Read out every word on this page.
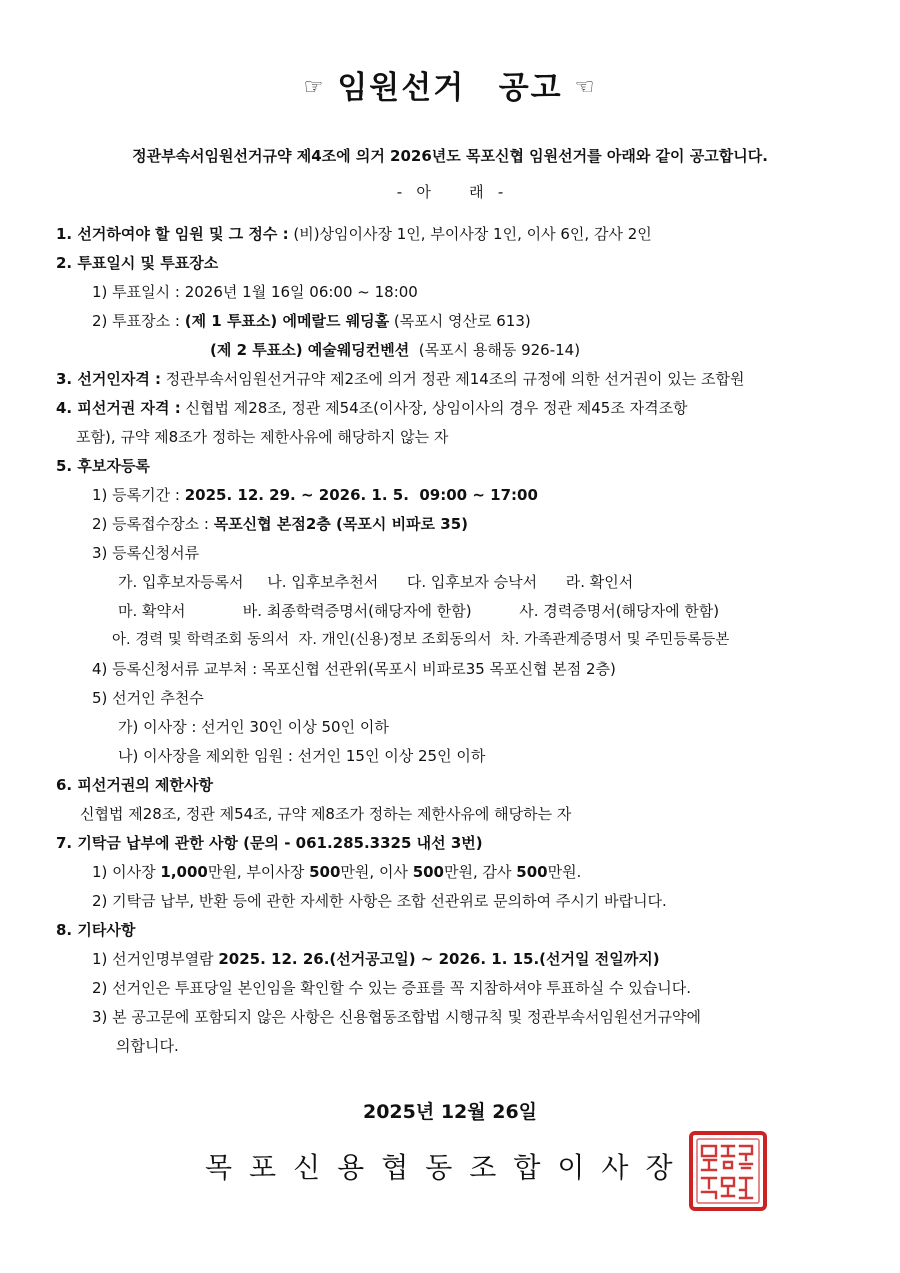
☞ 임원선거  공고 ☜
정관부속서임원선거규약 제4조에 의거 2026년도 목포신협 임원선거를 아래와 같이 공고합니다.
-   아        래   -
1. 선거하여야 할 임원 및 그 정수 : (비)상임이사장 1인, 부이사장 1인, 이사 6인, 감사 2인
2. 투표일시 및 투표장소
1) 투표일시 : 2026년 1월 16일 06:00 ~ 18:00
2) 투표장소 : (제 1 투표소) 에메랄드 웨딩홀 (목포시 영산로 613)
(제 2 투표소) 예술웨딩컨벤션  (목포시 용해동 926-14)
3. 선거인자격 : 정관부속서임원선거규약 제2조에 의거 정관 제14조의 규정에 의한 선거권이 있는 조합원
4. 피선거권 자격 : 신협법 제28조, 정관 제54조(이사장, 상임이사의 경우 정관 제45조 자격조항
포함), 규약 제8조가 정하는 제한사유에 해당하지 않는 자
5. 후보자등록
1) 등록기간 : 2025. 12. 29. ~ 2026. 1. 5.  09:00 ~ 17:00
2) 등록접수장소 : 목포신협 본점2층 (목포시 비파로 35)
3) 등록신청서류
가. 입후보자등록서     나. 입후보추천서      다. 입후보자 승낙서      라. 확인서
마. 확약서            바. 최종학력증명서(해당자에 한함)          사. 경력증명서(해당자에 한함)
아. 경력 및 학력조회 동의서  자. 개인(신용)정보 조회동의서  차. 가족관계증명서 및 주민등록등본
4) 등록신청서류 교부처 : 목포신협 선관위(목포시 비파로35 목포신협 본점 2층)
5) 선거인 추천수
가) 이사장 : 선거인 30인 이상 50인 이하
나) 이사장을 제외한 임원 : 선거인 15인 이상 25인 이하
6. 피선거권의 제한사항
신협법 제28조, 정관 제54조, 규약 제8조가 정하는 제한사유에 해당하는 자
7. 기탁금 납부에 관한 사항 (문의 - 061.285.3325 내선 3번)
1) 이사장 1,000만원, 부이사장 500만원, 이사 500만원, 감사 500만원.
2) 기탁금 납부, 반환 등에 관한 자세한 사항은 조합 선관위로 문의하여 주시기 바랍니다.
8. 기타사항
1) 선거인명부열람 2025. 12. 26.(선거공고일) ~ 2026. 1. 15.(선거일 전일까지)
2) 선거인은 투표당일 본인임을 확인할 수 있는 증표를 꼭 지참하셔야 투표하실 수 있습니다.
3) 본 공고문에 포함되지 않은 사항은 신용협동조합법 시행규칙 및 정관부속서임원선거규약에
의합니다.
2025년 12월 26일
목포신용협동조합이사장
